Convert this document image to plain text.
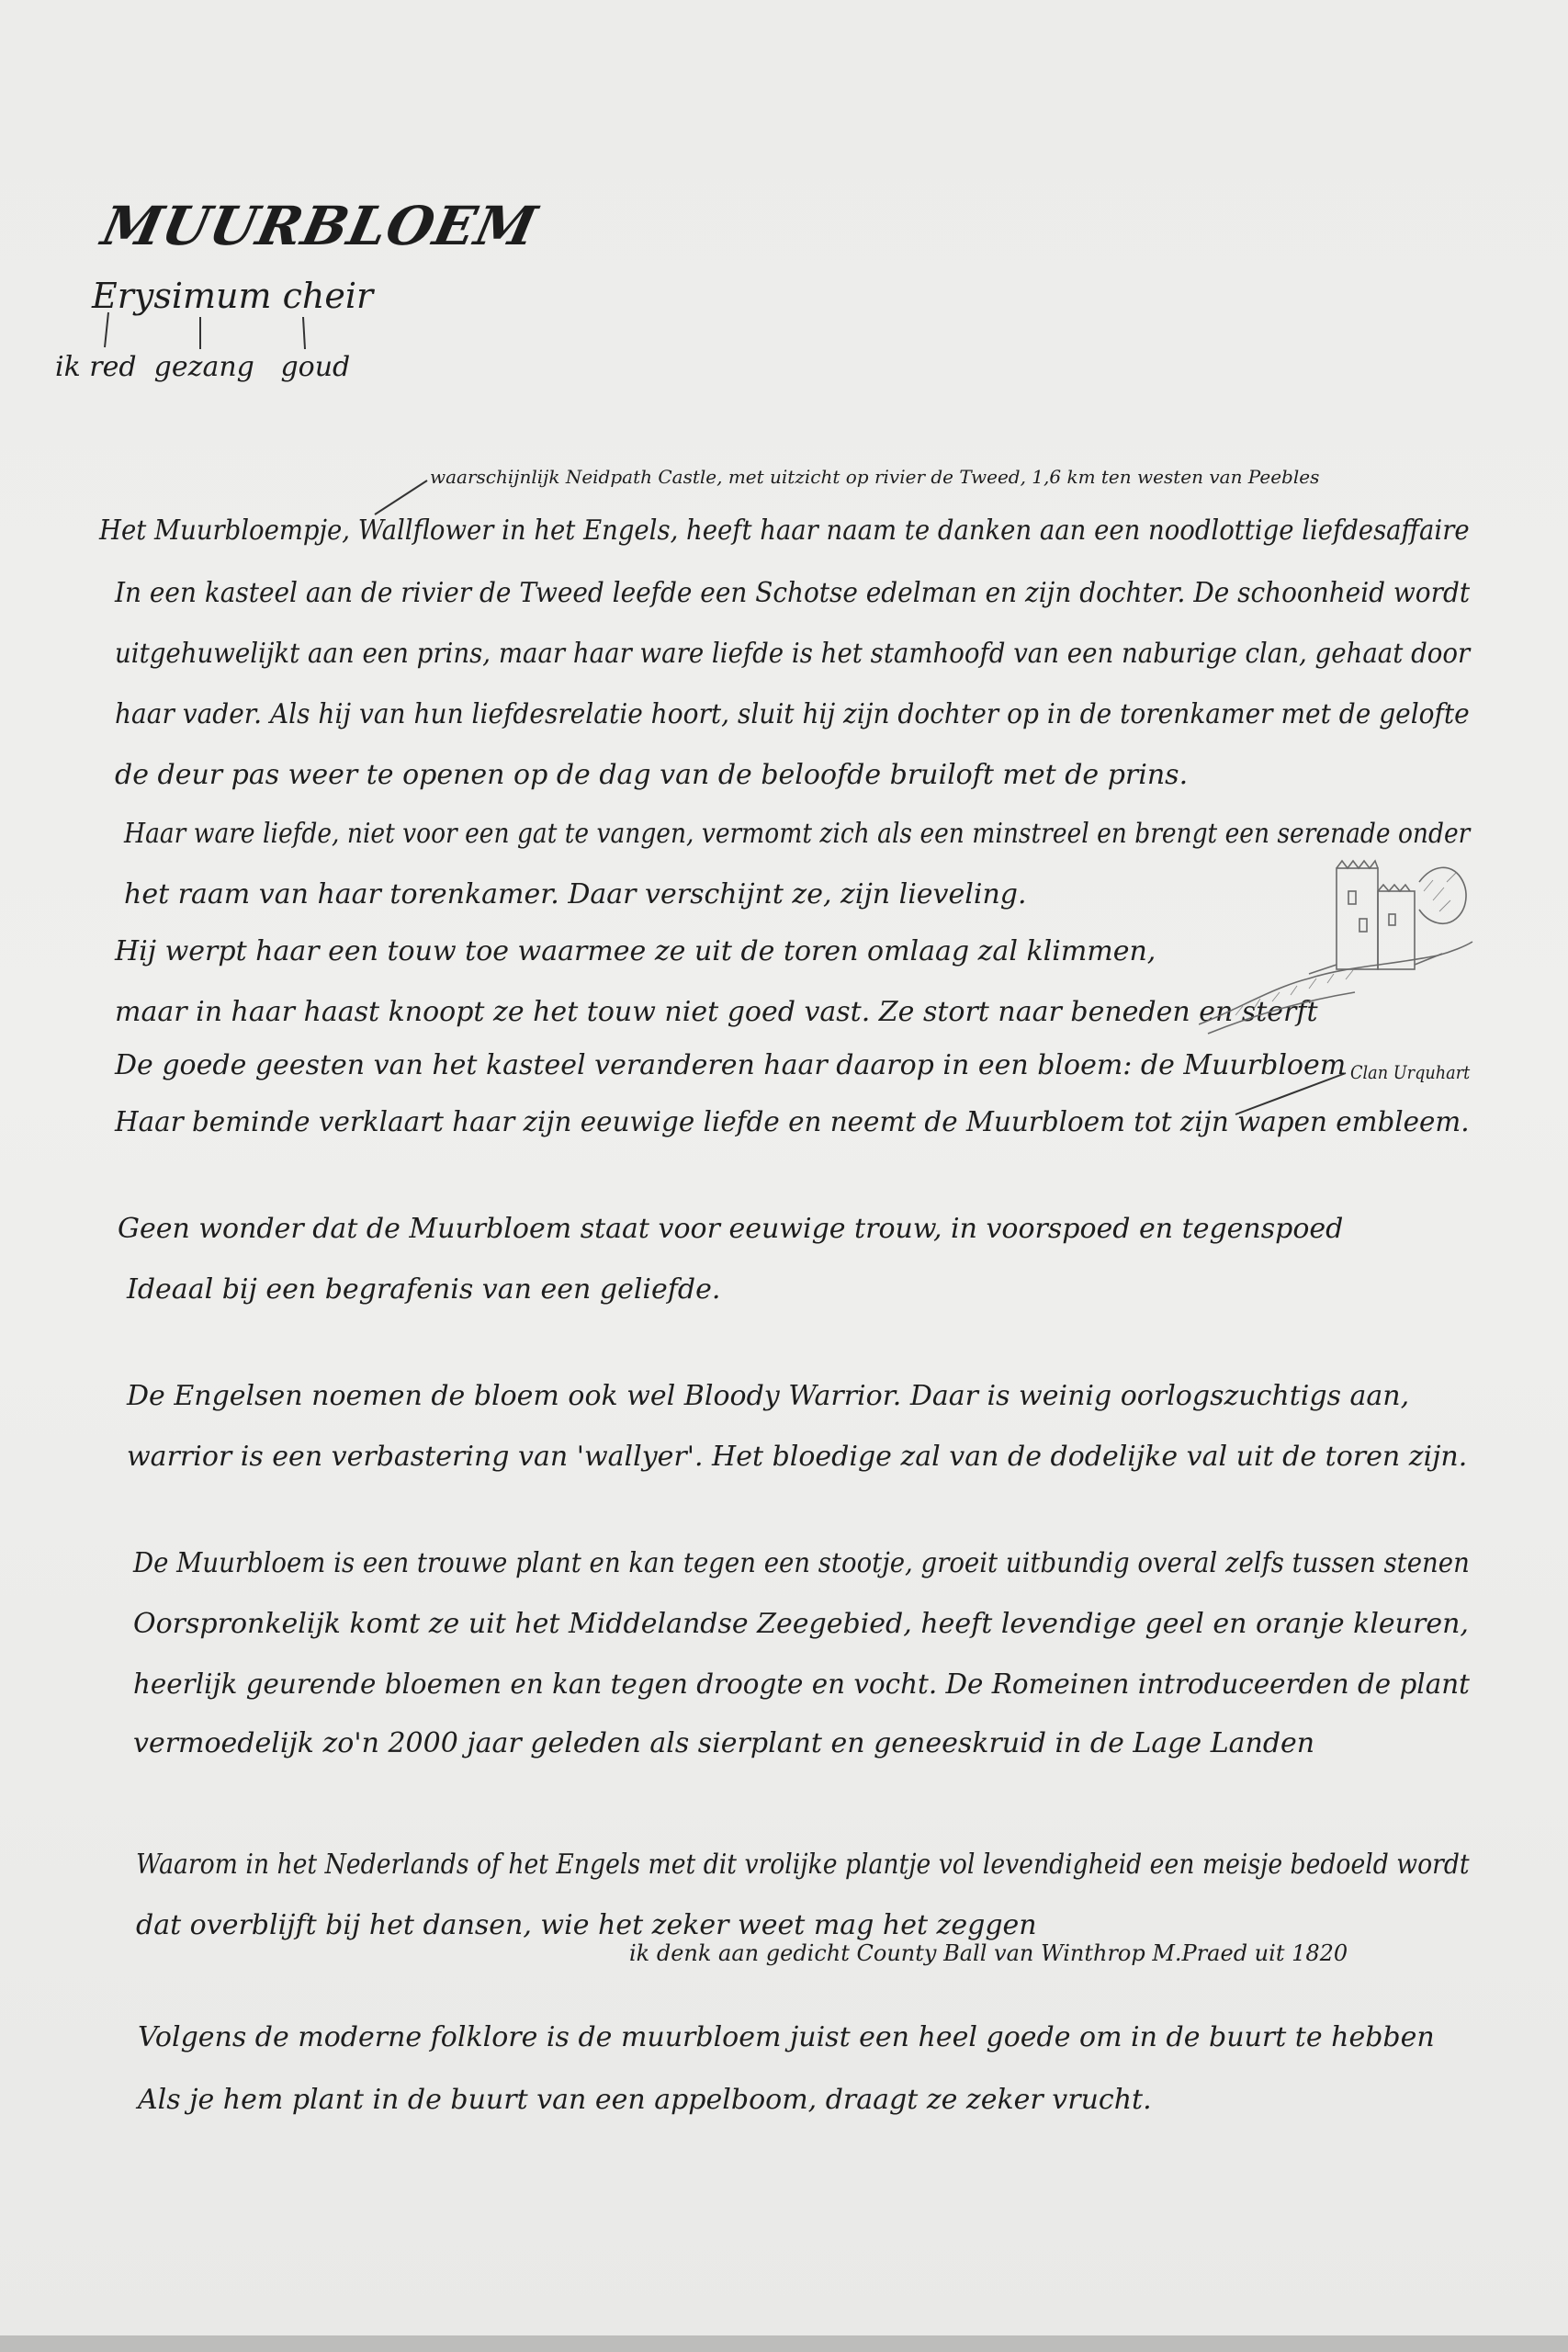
MUURBLOEM
Erysimum cheir
ik red  gezang   goud
waarschijnlijk Neidpath Castle, met uitzicht op rivier de Tweed, 1,6 km ten westen van Peebles
Het Muurbloempje, Wallflower in het Engels, heeft haar naam te danken aan een noodlottige liefdesaffaire
In een kasteel aan de rivier de Tweed leefde een Schotse edelman en zijn dochter. De schoonheid wordt
uitgehuwelijkt aan een prins, maar haar ware liefde is het stamhoofd van een naburige clan, gehaat door
haar vader. Als hij van hun liefdesrelatie hoort, sluit hij zijn dochter op in de torenkamer met de gelofte
de deur pas weer te openen op de dag van de beloofde bruiloft met de prins.
Haar ware liefde, niet voor een gat te vangen, vermomt zich als een minstreel en brengt een serenade onder
het raam van haar torenkamer. Daar verschijnt ze, zijn lieveling.
Hij werpt haar een touw toe waarmee ze uit de toren omlaag zal klimmen,
maar in haar haast knoopt ze het touw niet goed vast. Ze stort naar beneden en sterft
De goede geesten van het kasteel veranderen haar daarop in een bloem: de Muurbloem
Haar beminde verklaart haar zijn eeuwige liefde en neemt de Muurbloem tot zijn wapen embleem.
Clan Urquhart
Geen wonder dat de Muurbloem staat voor eeuwige trouw, in voorspoed en tegenspoed
Ideaal bij een begrafenis van een geliefde.
De Engelsen noemen de bloem ook wel Bloody Warrior. Daar is weinig oorlogszuchtigs aan,
warrior is een verbastering van 'wallyer'. Het bloedige zal van de dodelijke val uit de toren zijn.
De Muurbloem is een trouwe plant en kan tegen een stootje, groeit uitbundig overal zelfs tussen stenen
Oorspronkelijk komt ze uit het Middelandse Zeegebied, heeft levendige geel en oranje kleuren,
heerlijk geurende bloemen en kan tegen droogte en vocht. De Romeinen introduceerden de plant
vermoedelijk zo'n 2000 jaar geleden als sierplant en geneeskruid in de Lage Landen
Waarom in het Nederlands of het Engels met dit vrolijke plantje vol levendigheid een meisje bedoeld wordt
dat overblijft bij het dansen, wie het zeker weet mag het zeggen
ik denk aan gedicht County Ball van Winthrop M.Praed uit 1820
Volgens de moderne folklore is de muurbloem juist een heel goede om in de buurt te hebben
Als je hem plant in de buurt van een appelboom, draagt ze zeker vrucht.
